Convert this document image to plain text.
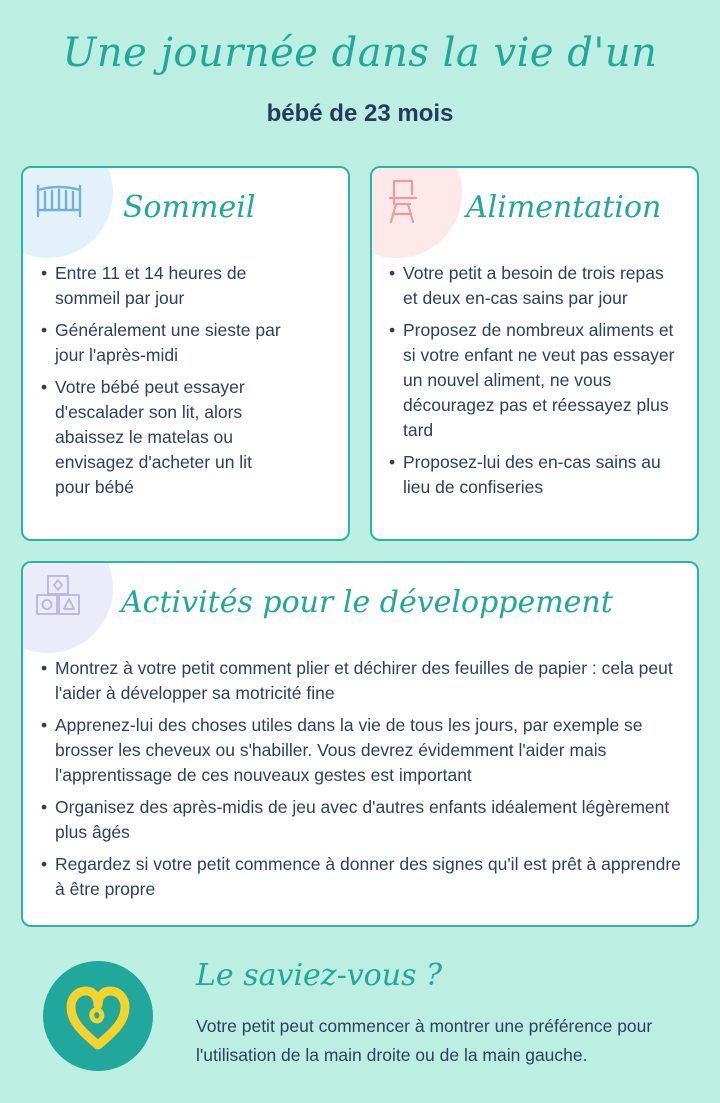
Une journée dans la vie d'un
bébé de 23 mois
Sommeil
• Entre 11 et 14 heures de sommeil par jour
• Généralement une sieste par jour l'après-midi
• Votre bébé peut essayer d'escalader son lit, alors abaissez le matelas ou envisagez d'acheter un lit pour bébé
Alimentation
• Votre petit a besoin de trois repas et deux en-cas sains par jour
• Proposez de nombreux aliments et si votre enfant ne veut pas essayer un nouvel aliment, ne vous découragez pas et réessayez plus tard
• Proposez-lui des en-cas sains au lieu de confiseries
Activités pour le développement
• Montrez à votre petit comment plier et déchirer des feuilles de papier : cela peut l'aider à développer sa motricité fine
• Apprenez-lui des choses utiles dans la vie de tous les jours, par exemple se brosser les cheveux ou s'habiller. Vous devrez évidemment l'aider mais l'apprentissage de ces nouveaux gestes est important
• Organisez des après-midis de jeu avec d'autres enfants idéalement légèrement plus âgés
• Regardez si votre petit commence à donner des signes qu'il est prêt à apprendre à être propre
Le saviez-vous ?
Votre petit peut commencer à montrer une préférence pour l'utilisation de la main droite ou de la main gauche.
